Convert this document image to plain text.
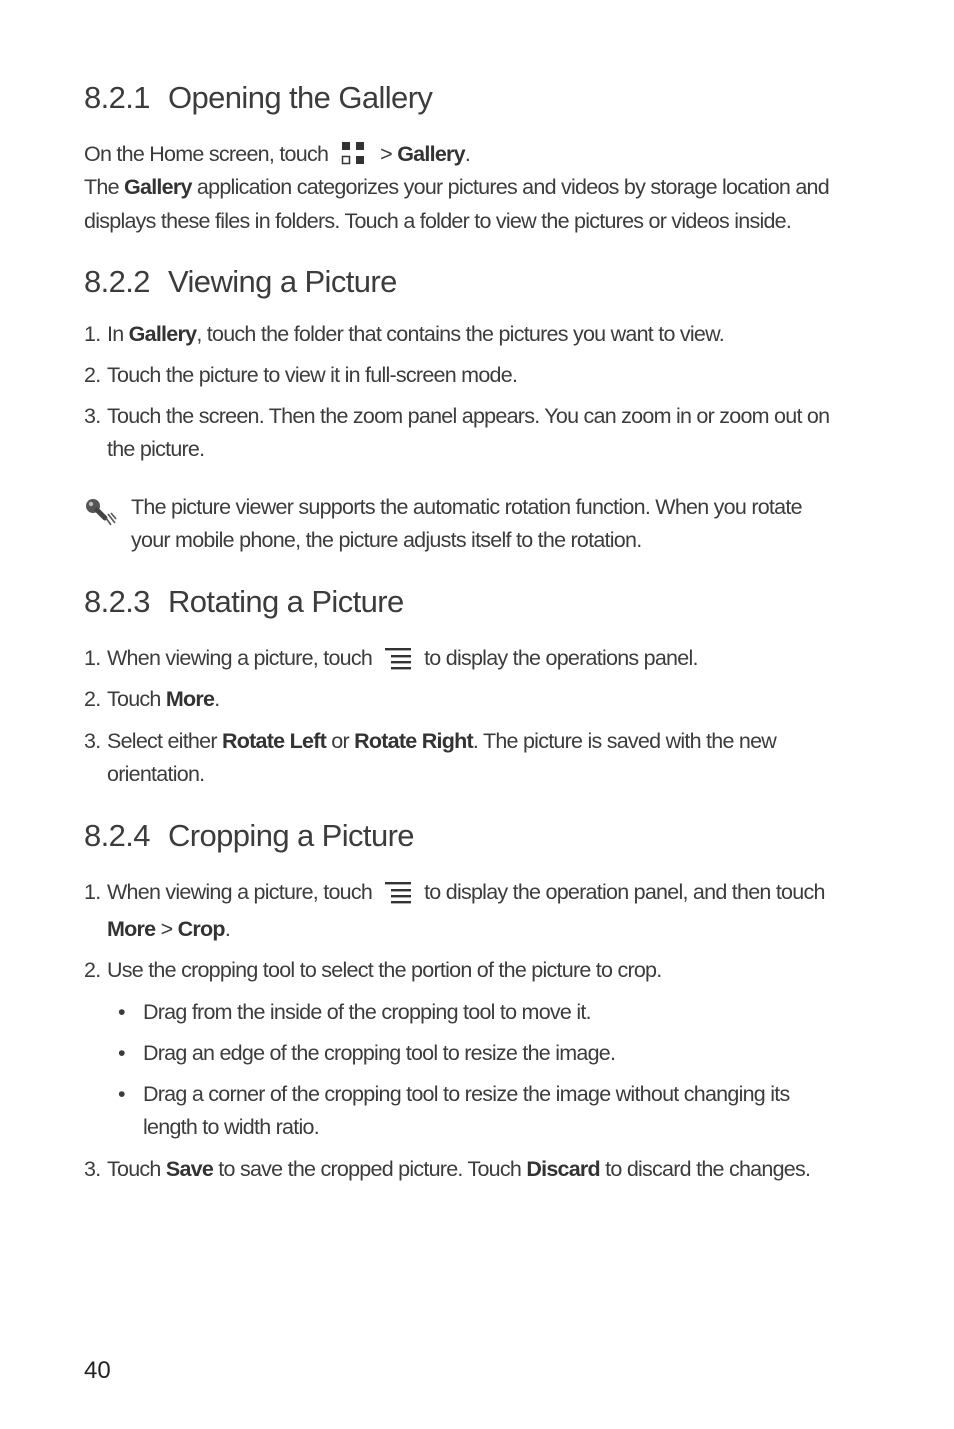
8.2.1 Opening the Gallery

On the Home screen, touch > Gallery.

The Gallery application categorizes your pictures and videos by storage location and

displays these files in folders. Touch a folder to view the pictures or videos inside.

8.2.2 Viewing a Picture
1. In Gallery, touch the folder that contains the pictures you want to view.
2. Touch the picture to view it in full-screen mode.
3. Touch the screen. Then the zoom panel appears. You can zoom in or zoom out on
the picture.
The picture viewer supports the automatic rotation function. When you rotate
your mobile phone, the picture adjusts itself to the rotation.
8.2.3 Rotating a Picture
1. When viewing a picture, touch to display the operations panel.
2. Touch More.
3. Select either Rotate Left or Rotate Right. The picture is saved with the new
orientation.
8.2.4 Cropping a Picture
1. When viewing a picture, touch to display the operation panel, and then touch
More > Crop.
2. Use the cropping tool to select the portion of the picture to crop.
• Drag from the inside of the cropping tool to move it.
• Drag an edge of the cropping tool to resize the image.
• Drag a corner of the cropping tool to resize the image without changing its
length to width ratio.
3. Touch Save to save the cropped picture. Touch Discard to discard the changes.
40
